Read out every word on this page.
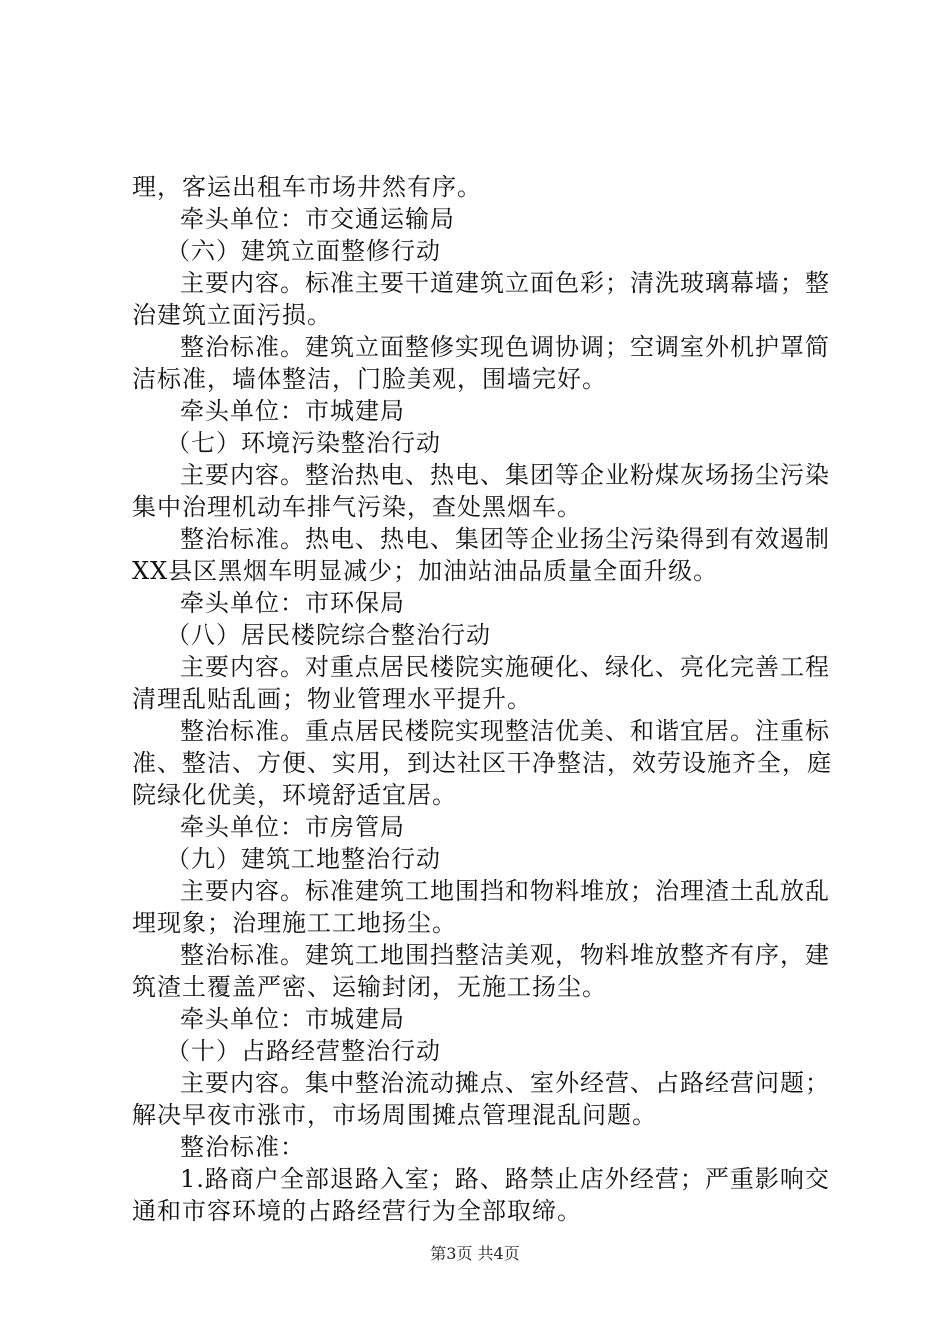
理，客运出租车市场井然有序。

牵头单位：市交通运输局

（六）建筑立面整修行动

主要内容。标准主要干道建筑立面色彩；清洗玻璃幕墙；整治建筑立面污损。

整治标准。建筑立面整修实现色调协调；空调室外机护罩简洁标准，墙体整洁，门脸美观，围墙完好。

牵头单位：市城建局

（七）环境污染整治行动

主要内容。整治热电、热电、集团等企业粉煤灰场扬尘污染集中治理机动车排气污染，查处黑烟车。

整治标准。热电、热电、集团等企业扬尘污染得到有效遏制XX县区黑烟车明显减少；加油站油品质量全面升级。

牵头单位：市环保局

（八）居民楼院综合整治行动

主要内容。对重点居民楼院实施硬化、绿化、亮化完善工程清理乱贴乱画；物业管理水平提升。

整治标准。重点居民楼院实现整洁优美、和谐宜居。注重标准、整洁、方便、实用，到达社区干净整洁，效劳设施齐全，庭院绿化优美，环境舒适宜居。

牵头单位：市房管局

（九）建筑工地整治行动

主要内容。标准建筑工地围挡和物料堆放；治理渣土乱放乱埋现象；治理施工工地扬尘。

整治标准。建筑工地围挡整洁美观，物料堆放整齐有序，建筑渣土覆盖严密、运输封闭，无施工扬尘。

牵头单位：市城建局

（十）占路经营整治行动

主要内容。集中整治流动摊点、室外经营、占路经营问题；解决早夜市涨市，市场周围摊点管理混乱问题。

整治标准：

1.路商户全部退路入室；路、路禁止店外经营；严重影响交通和市容环境的占路经营行为全部取缔。

第3页 共4页
